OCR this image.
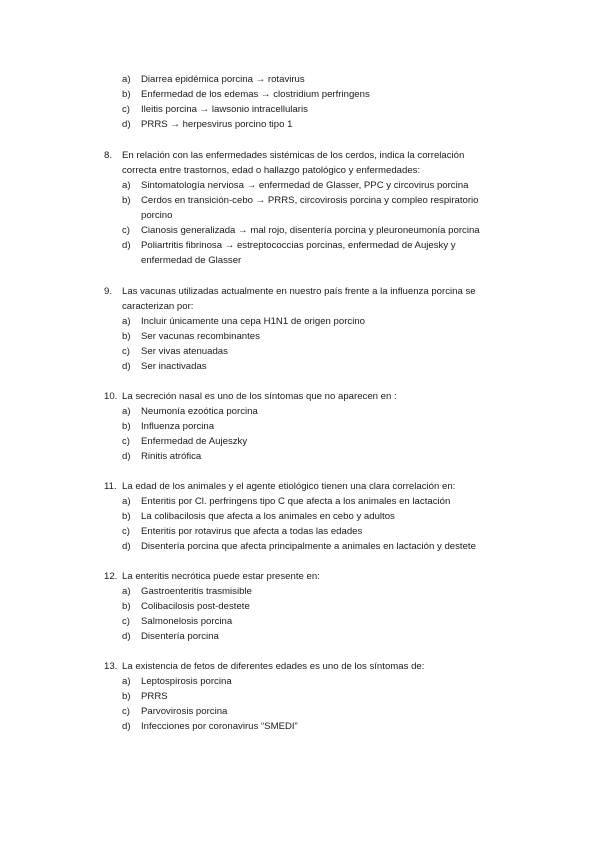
a) Diarrea epidémica porcina → rotavirus
b) Enfermedad de los edemas → clostridium perfringens
c) Ileitis porcina → lawsonio intracellularis
d) PRRS → herpesvirus porcino tipo 1
8. En relación con las enfermedades sistémicas de los cerdos, indica la correlación
correcta entre trastornos, edad o hallazgo patológico y enfermedades:
a) Sintomatología nerviosa → enfermedad de Glasser, PPC y circovirus porcina
b) Cerdos en transición-cebo → PRRS, circovirosis porcina y compleo respiratorio
porcino
c) Cianosis generalizada → mal rojo, disentería porcina y pleuroneumonía porcina
d) Poliartritis fibrinosa → estreptococcias porcinas, enfermedad de Aujesky y
enfermedad de Glasser
9. Las vacunas utilizadas actualmente en nuestro país frente a la influenza porcina se
caracterizan por:
a) Incluir únicamente una cepa H1N1 de origen porcino
b) Ser vacunas recombinantes
c) Ser vivas atenuadas
d) Ser inactivadas
10. La secreción nasal es uno de los síntomas que no aparecen en :
a) Neumonía ezoótica porcina
b) Influenza porcina
c) Enfermedad de Aujeszky
d) Rinitis atrófica
11. La edad de los animales y el agente etiológico tienen una clara correlación en:
a) Enteritis por Cl. perfringens tipo C que afecta a los animales en lactación
b) La colibacilosis que afecta a los animales en cebo y adultos
c) Enteritis por rotavirus que afecta a todas las edades
d) Disentería porcina que afecta principalmente a animales en lactación y destete
12. La enteritis necrótica puede estar presente en:
a) Gastroenteritis trasmisible
b) Colibacilosis post-destete
c) Salmonelosis porcina
d) Disentería porcina
13. La existencia de fetos de diferentes edades es uno de los síntomas de:
a) Leptospirosis porcina
b) PRRS
c) Parvovirosis porcina
d) Infecciones por coronavirus “SMEDI”
